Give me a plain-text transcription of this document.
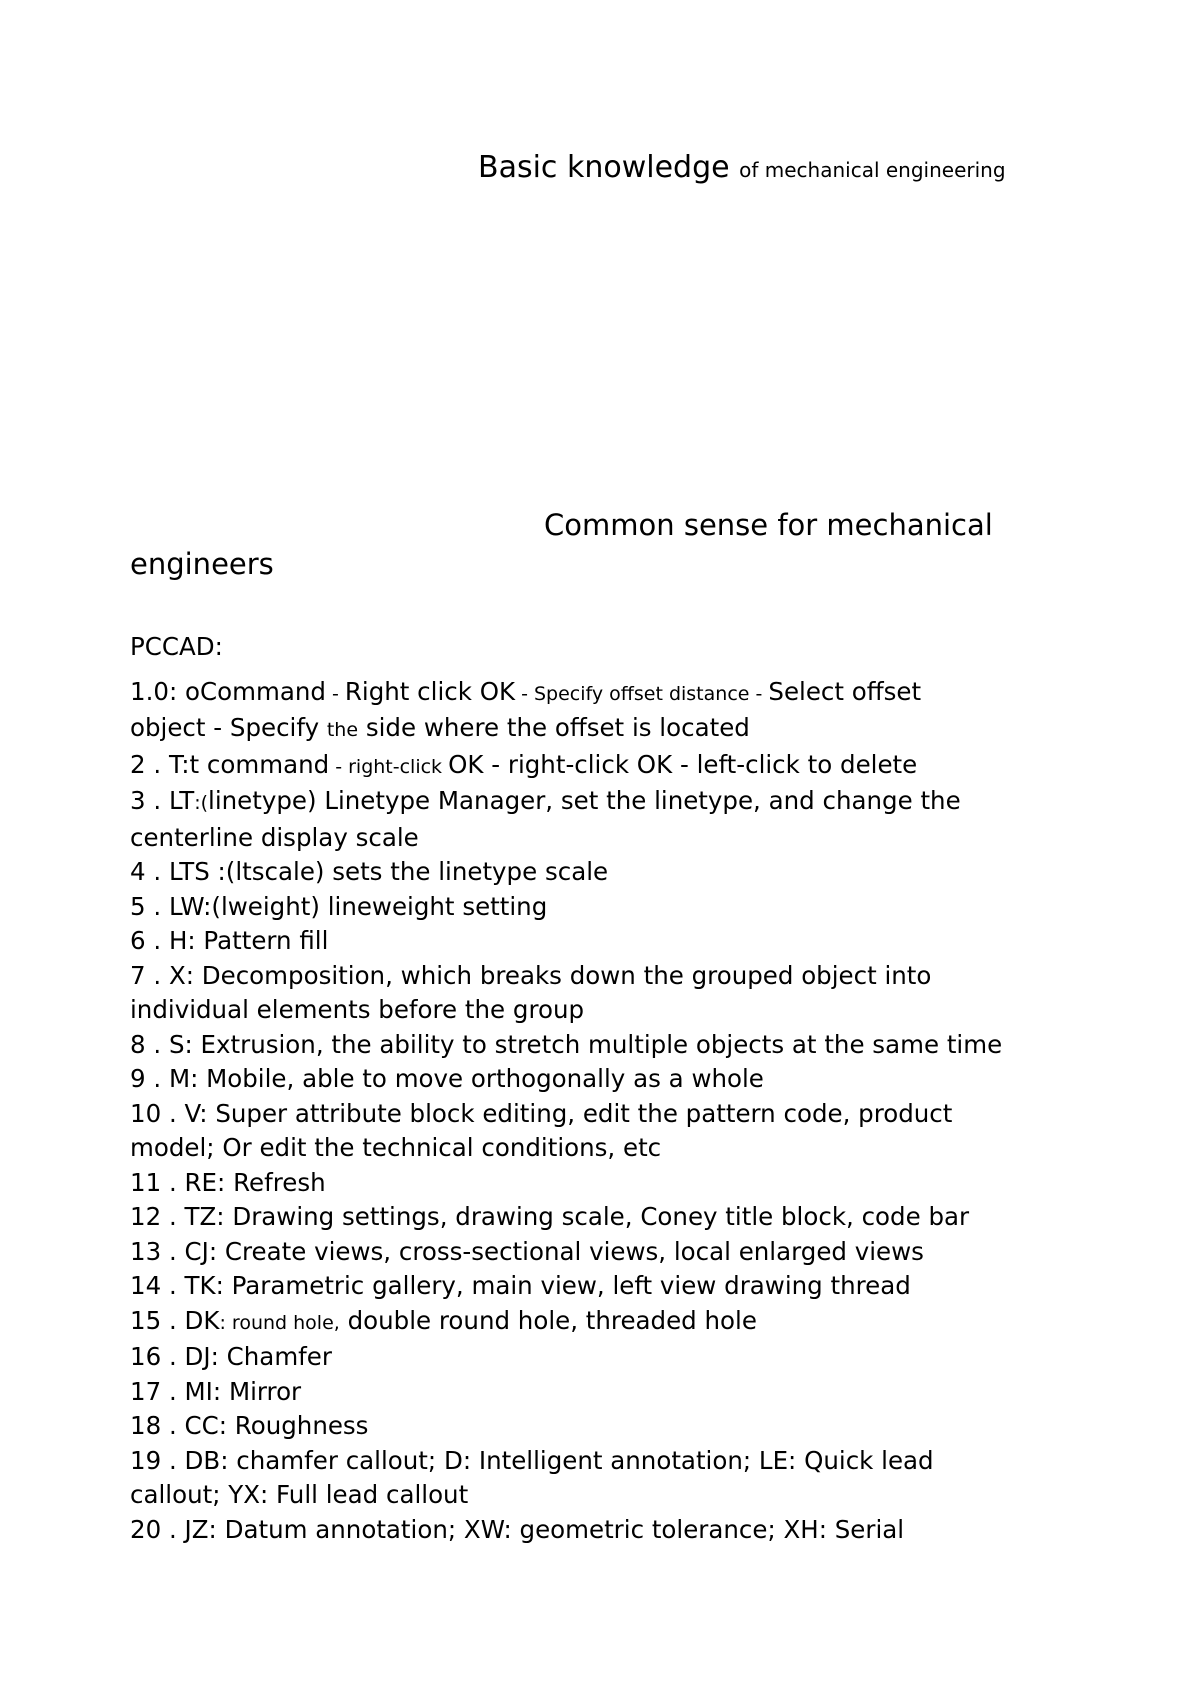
Basic knowledge of mechanical engineering
Common sense for mechanical engineers
PCCAD:
1.0: oCommand - Right click OK - Specify offset distance - Select offset
object - Specify the side where the offset is located
2 . T:t command - right-click OK - right-click OK - left-click to delete
3 . LT:(linetype) Linetype Manager, set the linetype, and change the
centerline display scale
4 . LTS :(ltscale) sets the linetype scale
5 . LW:(lweight) lineweight setting
6 . H: Pattern fill
7 . X: Decomposition, which breaks down the grouped object into
individual elements before the group
8 . S: Extrusion, the ability to stretch multiple objects at the same time
9 . M: Mobile, able to move orthogonally as a whole
10 . V: Super attribute block editing, edit the pattern code, product
model; Or edit the technical conditions, etc
11 . RE: Refresh
12 . TZ: Drawing settings, drawing scale, Coney title block, code bar
13 . CJ: Create views, cross-sectional views, local enlarged views
14 . TK: Parametric gallery, main view, left view drawing thread
15 . DK: round hole, double round hole, threaded hole
16 . DJ: Chamfer
17 . MI: Mirror
18 . CC: Roughness
19 . DB: chamfer callout; D: Intelligent annotation; LE: Quick lead
callout; YX: Full lead callout
20 . JZ: Datum annotation; XW: geometric tolerance; XH: Serial
